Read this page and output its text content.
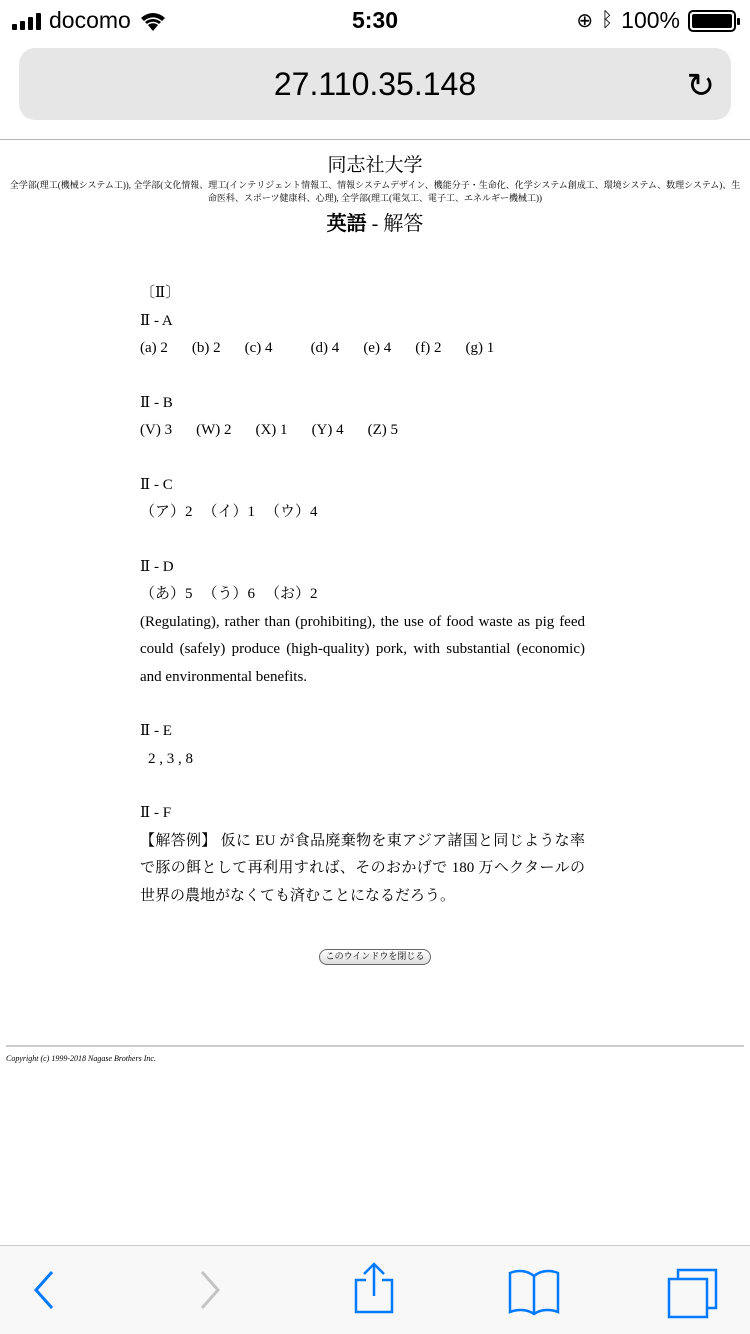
docomo	5:30	⊕ ᛒ 100%
27.110.35.148	↻
同志社大学
全学部(理工(機械システム工)), 全学部(文化情報、理工(インテリジェント情報工、情報システムデザイン、機能分子・生命化、化学システム創成工、環境システム、数理システム)、生命医科、スポーツ健康科、心理), 全学部(理工(電気工、電子工、エネルギー機械工))
英語 - 解答
〔Ⅱ〕
Ⅱ - A
(a) 2 (b) 2 (c) 4	(d) 4 (e) 4 (f) 2 (g) 1
Ⅱ - B
(V) 3 (W) 2 (X) 1 (Y) 4 (Z) 5
Ⅱ - C
（ア）2 （イ）1 （ウ）4
Ⅱ - D
（あ）5 （う）6 （お）2
(Regulating), rather than (prohibiting), the use of food waste as pig feed could (safely) produce (high-quality) pork, with substantial (economic) and environmental benefits.
Ⅱ - E
2 , 3 , 8
Ⅱ - F
【解答例】 仮に EU が食品廃棄物を東アジア諸国と同じような率で豚の餌として再利用すれば、そのおかげで 180 万ヘクタールの世界の農地がなくても済むことになるだろう。
このウインドウを閉じる
Copyright (c) 1999-2018 Nagase Brothers Inc.
